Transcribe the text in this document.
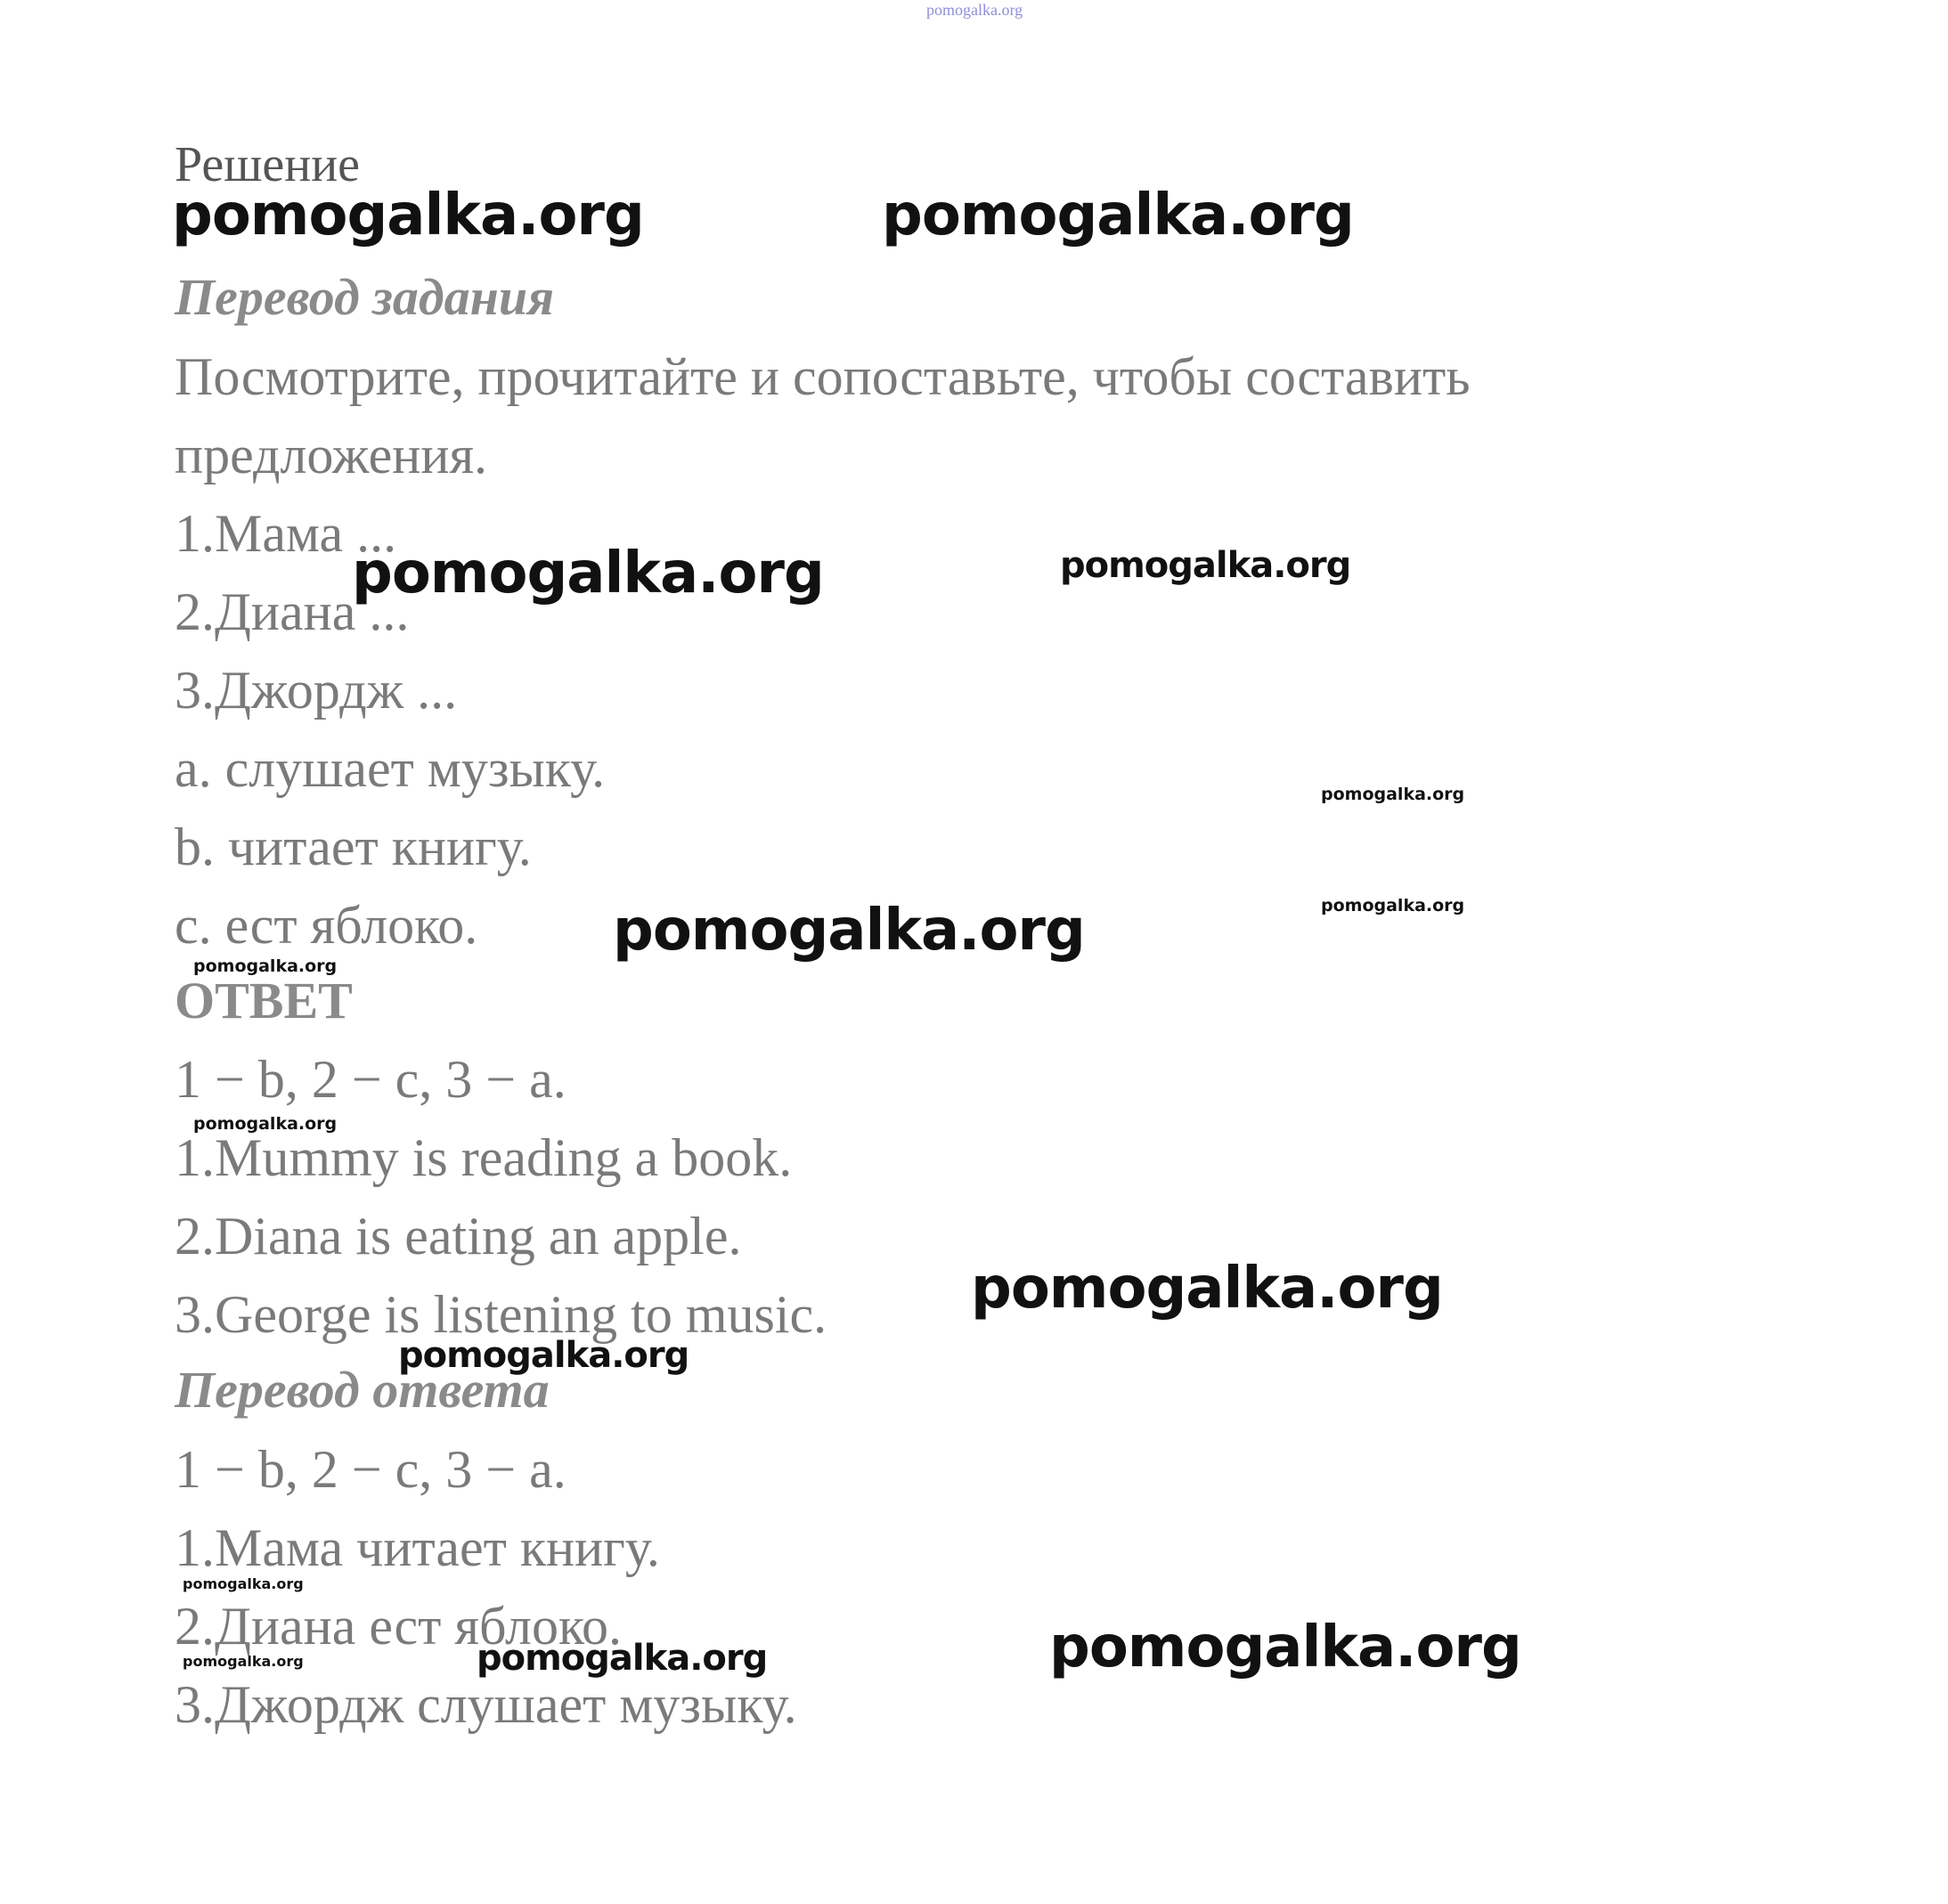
Решение
Перевод задания
Посмотрите, прочитайте и сопоставьте, чтобы составить
предложения.
1.Мама ...
2.Диана ...
3.Джордж ...
a. слушает музыку.
b. читает книгу.
c. ест яблоко.
ОТВЕТ
1 − b, 2 − c, 3 − a.
1.Mummy is reading a book.
2.Diana is eating an apple.
3.George is listening to music.
Перевод ответа
1 − b, 2 − c, 3 − a.
1.Мама читает книгу.
2.Диана ест яблоко.
3.Джордж слушает музыку.
pomogalka.org
pomogalka.org	pomogalka.org
pomogalka.org	pomogalka.org
pomogalka.org
pomogalka.org
pomogalka.org
pomogalka.org
pomogalka.org
pomogalka.org
pomogalka.org
pomogalka.org
pomogalka.org	pomogalka.org	pomogalka.org
